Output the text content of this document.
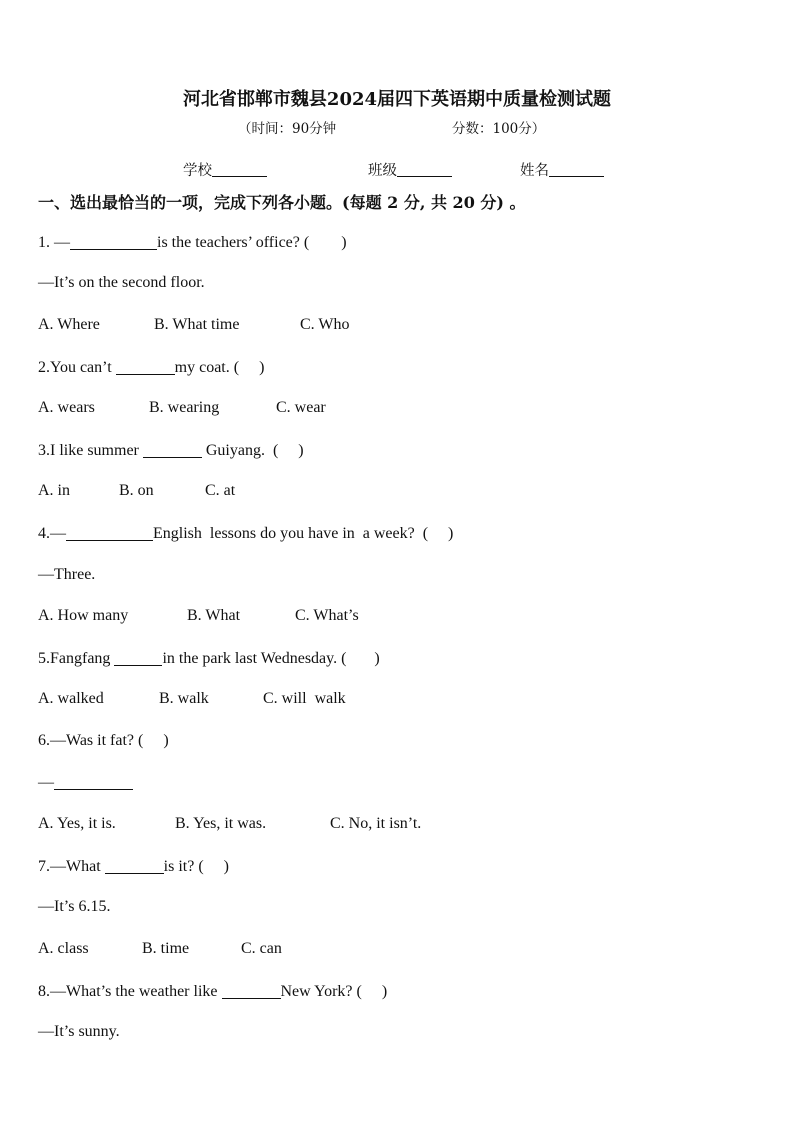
河北省邯郸市魏县2024届四下英语期中质量检测试题
（时间：90分钟	分数：100分）
学校	班级	姓名
一、选出最恰当的一项，完成下列各小题。(每题 2 分, 共 20 分) 。
1. —	is the teachers’ office? (        )
—It’s on the second floor.
A. Where	B. What time	C. Who
2.You can’t	my coat. (     )
A. wears	B. wearing	C. wear
3.I like summer	Guiyang.  (     )
A. in	B. on	C. at
4.—	English  lessons do you have in  a week?  (     )
—Three.
A. How many	B. What	C. What’s
5.Fangfang	in the park last Wednesday. (       )
A. walked	B. walk	C. will  walk
6.—Was it fat? (     )
—
A. Yes, it is.	B. Yes, it was.	C. No, it isn’t.
7.—What	is it? (     )
—It’s 6.15.
A. class	B. time	C. can
8.—What’s the weather like	New York? (     )
—It’s sunny.
